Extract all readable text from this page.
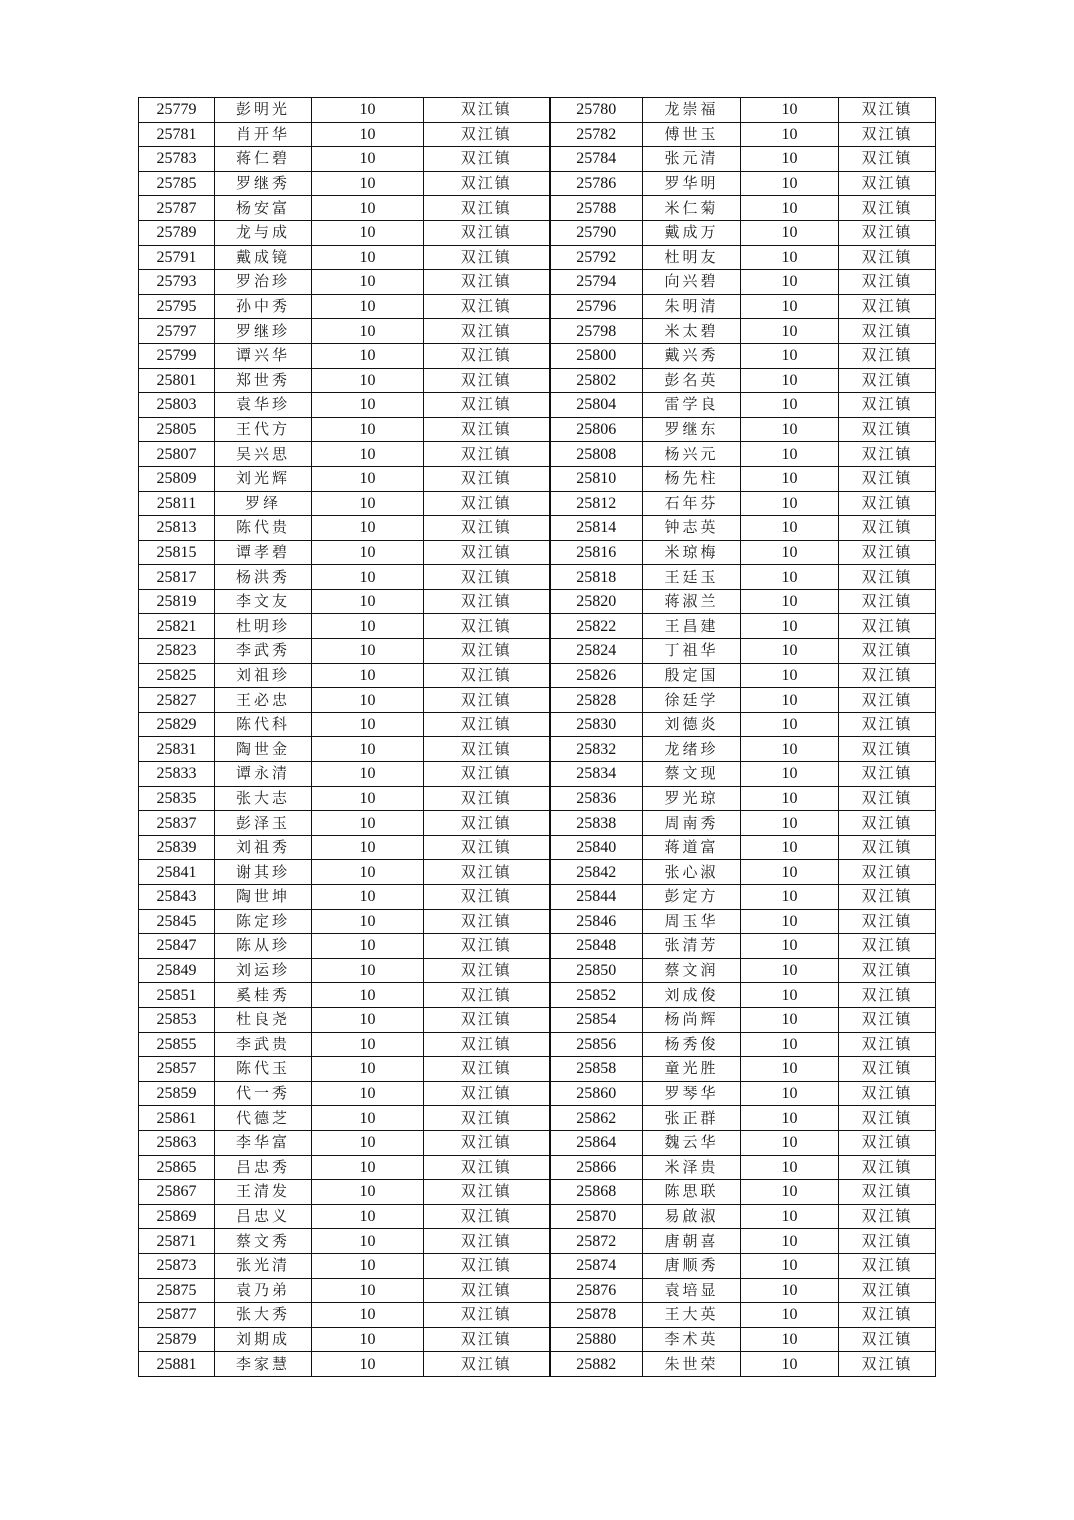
25779	彭明光	10	双江镇	25780	龙崇福	10	双江镇
25781	肖开华	10	双江镇	25782	傅世玉	10	双江镇
25783	蒋仁碧	10	双江镇	25784	张元清	10	双江镇
25785	罗继秀	10	双江镇	25786	罗华明	10	双江镇
25787	杨安富	10	双江镇	25788	米仁菊	10	双江镇
25789	龙与成	10	双江镇	25790	戴成万	10	双江镇
25791	戴成镜	10	双江镇	25792	杜明友	10	双江镇
25793	罗治珍	10	双江镇	25794	向兴碧	10	双江镇
25795	孙中秀	10	双江镇	25796	朱明清	10	双江镇
25797	罗继珍	10	双江镇	25798	米太碧	10	双江镇
25799	谭兴华	10	双江镇	25800	戴兴秀	10	双江镇
25801	郑世秀	10	双江镇	25802	彭名英	10	双江镇
25803	袁华珍	10	双江镇	25804	雷学良	10	双江镇
25805	王代方	10	双江镇	25806	罗继东	10	双江镇
25807	吴兴思	10	双江镇	25808	杨兴元	10	双江镇
25809	刘光辉	10	双江镇	25810	杨先柱	10	双江镇
25811	罗绎	10	双江镇	25812	石年芬	10	双江镇
25813	陈代贵	10	双江镇	25814	钟志英	10	双江镇
25815	谭孝碧	10	双江镇	25816	米琼梅	10	双江镇
25817	杨洪秀	10	双江镇	25818	王廷玉	10	双江镇
25819	李文友	10	双江镇	25820	蒋淑兰	10	双江镇
25821	杜明珍	10	双江镇	25822	王昌建	10	双江镇
25823	李武秀	10	双江镇	25824	丁祖华	10	双江镇
25825	刘祖珍	10	双江镇	25826	殷定国	10	双江镇
25827	王必忠	10	双江镇	25828	徐廷学	10	双江镇
25829	陈代科	10	双江镇	25830	刘德炎	10	双江镇
25831	陶世金	10	双江镇	25832	龙绪珍	10	双江镇
25833	谭永清	10	双江镇	25834	蔡文现	10	双江镇
25835	张大志	10	双江镇	25836	罗光琼	10	双江镇
25837	彭泽玉	10	双江镇	25838	周南秀	10	双江镇
25839	刘祖秀	10	双江镇	25840	蒋道富	10	双江镇
25841	谢其珍	10	双江镇	25842	张心淑	10	双江镇
25843	陶世坤	10	双江镇	25844	彭定方	10	双江镇
25845	陈定珍	10	双江镇	25846	周玉华	10	双江镇
25847	陈从珍	10	双江镇	25848	张清芳	10	双江镇
25849	刘运珍	10	双江镇	25850	蔡文润	10	双江镇
25851	奚桂秀	10	双江镇	25852	刘成俊	10	双江镇
25853	杜良尧	10	双江镇	25854	杨尚辉	10	双江镇
25855	李武贵	10	双江镇	25856	杨秀俊	10	双江镇
25857	陈代玉	10	双江镇	25858	童光胜	10	双江镇
25859	代一秀	10	双江镇	25860	罗琴华	10	双江镇
25861	代德芝	10	双江镇	25862	张正群	10	双江镇
25863	李华富	10	双江镇	25864	魏云华	10	双江镇
25865	吕忠秀	10	双江镇	25866	米泽贵	10	双江镇
25867	王清发	10	双江镇	25868	陈思联	10	双江镇
25869	吕忠义	10	双江镇	25870	易啟淑	10	双江镇
25871	蔡文秀	10	双江镇	25872	唐朝喜	10	双江镇
25873	张光清	10	双江镇	25874	唐顺秀	10	双江镇
25875	袁乃弟	10	双江镇	25876	袁培显	10	双江镇
25877	张大秀	10	双江镇	25878	王大英	10	双江镇
25879	刘期成	10	双江镇	25880	李术英	10	双江镇
25881	李家慧	10	双江镇	25882	朱世荣	10	双江镇
